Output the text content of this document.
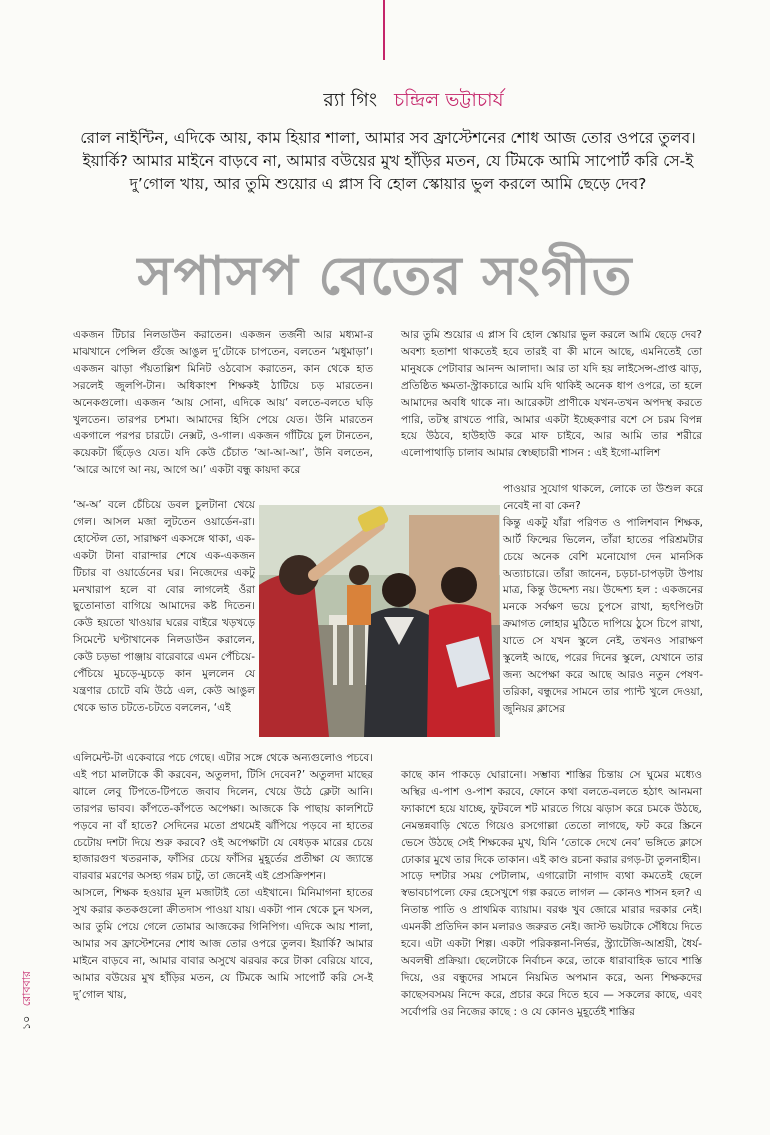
র‍্যা গিং চন্দ্রিল ভট্টাচার্য
রোল নাইন্টিন, এদিকে আয়, কাম হিয়ার শালা, আমার সব ফ্রাস্টেশনের শোধ আজ তোর ওপরে তুলব। ইয়ার্কি? আমার মাইনে বাড়বে না, আমার বউয়ের মুখ হাঁড়ির মতন, যে টিমকে আমি সাপোর্ট করি সে-ই দু’গোল খায়, আর তুমি শুয়োর এ প্লাস বি হোল স্কোয়ার ভুল করলে আমি ছেড়ে দেব?
সপাসপ বেতের সংগীত

একজন টিচার নিলডাউন করাতেন। একজন তর্জনী আর মধ্যমা-র মাঝখানে পেন্সিল গুঁজে আঙুল দু’টোকে চাপতেন, বলতেন ‘মধুমাড়া’। একজন ঝাড়া পঁয়তাল্লিশ মিনিট ওঠবোস করাতেন, কান থেকে হাত সরলেই জুলপি-টান। অধিকাংশ শিক্ষকই ঠাটিয়ে চড় মারতেন। অনেকগুলো। একজন ‘আয় সোনা, এদিকে আয়’ বলতে-বলতে ঘড়ি খুলতেন। তারপর চশমা। আমাদের হিসি পেয়ে যেত। উনি মারতেন একগালে পরপর চারটে। নেক্সট, ও-গাল। একজন গাঁটিয়ে চুল টানতেন, কয়েকটা ছিঁড়েও যেত। যদি কেউ চেঁচাত ‘আ-আ-আ’, উনি বলতেন, ‘আরে আগে আ নয়, আগে অ।’ একটা বন্ধু কায়দা করে

‘অ-অ’ বলে চেঁচিয়ে ডবল চুলটানা খেয়ে গেল। আসল মজা লুটতেন ওয়ার্ডেন-রা। হোস্টেল তো, সারাক্ষণ একসঙ্গে থাকা, এক-একটা টানা বারান্দার শেষে এক-একজন টিচার বা ওয়ার্ডেনের ঘর। নিজেদের একটু মনখারাপ হলে বা বোর লাগলেই ওঁরা ছুতোনাতা বাগিয়ে আমাদের কষ্ট দিতেন। কেউ হয়তো খাওয়ার ঘরের বাইরে খড়খড়ে সিমেন্টে ঘণ্টাখানেক নিলডাউন করালেন, কেউ চড়ভা পাঞ্জায় বারেবারে এমন পেঁচিয়ে-পেঁচিয়ে মুচড়ে-মুচড়ে কান মুললেন যে যন্ত্রণার চোটে বমি উঠে এল, কেউ আঙুল থেকে ভাত চটতে-চটতে বললেন, ‘এই

এলিমেন্ট-টা একেবারে পচে গেছে। এটার সঙ্গে থেকে অন্যগুলোও পচবে। এই পচা মালটাকে কী করবেন, অতুলদা, টিসি দেবেন?’ অতুলদা মাছের ঝালে লেবু টিপতে-টিপতে জবাব দিলেন, খেয়ে উঠে ক্লেটা আনি। তারপর ভাবব। কাঁপতে-কাঁপতে অপেক্ষা। আজকে কি পাছায় কালশিটে পড়বে না বাঁ হাতে? সেদিনের মতো প্রথমেই ঝাঁপিয়ে পড়বে না হাতের চেটোয় দশটা দিয়ে শুরু করবে? ওই অপেক্ষাটা যে বেধড়ক মারের চেয়ে হাজারগুণ খতরনাক, ফাঁসির চেয়ে ফাঁসির মুহূর্তের প্রতীক্ষা যে জ্যান্তে বারবার মরণের অসহ্য গরম চাটু, তা জেনেই এই প্রেসক্রিপশন।
আসলে, শিক্ষক হওয়ার মূল মজাটাই তো এইখানে। মিনিমাগনা হাতের সুখ করার কতকগুলো ক্রীতদাস পাওয়া যায়। একটা পান থেকে চুন খসল, আর তুমি পেয়ে গেলে তোমার আজকের গিনিপিগ। এদিকে আয় শালা, আমার সব ফ্রাস্টেশনের শোধ আজ তোর ওপরে তুলব। ইয়ার্কি? আমার মাইনে বাড়বে না, আমার বাবার অসুখে ঝরঝর করে টাকা বেরিয়ে যাবে, আমার বউয়ের মুখ হাঁড়ির মতন, যে টিমকে আমি সাপোর্ট করি সে-ই দু’গোল খায়,

আর তুমি শুয়োর এ প্লাস বি হোল স্কোয়ার ভুল করলে আমি ছেড়ে দেব? অবশ্য হতাশা থাকতেই হবে তারই বা কী মানে আছে, এমনিতেই তো মানুষকে পেটাবার আনন্দ আলাদা। আর তা যদি হয় লাইসেন্স-প্রাপ্ত ঝাড়, প্রতিষ্ঠিত ক্ষমতা-স্ট্রাকচারে আমি যদি থাকিই অনেক ধাপ ওপরে, তা হলে আমাদের অবধি থাকে না। আরেকটা প্রাণীকে যখন-তখন অপদস্থ করতে পারি, তটস্থ রাখতে পারি, আমার একটা ইচ্ছেকণার বশে সে চরম বিপন্ন হয়ে উঠবে, হাউহাউ করে মাফ চাইবে, আর আমি তার শরীরে এলোপাথাড়ি চালাব আমার স্বেচ্ছাচারী শাসন : এই ইগো-মালিশ

পাওয়ার সুযোগ থাকলে, লোকে তা উশুল করে নেবেই না বা কেন?
কিন্তু একটু যাঁরা পরিণত ও পালিশবান শিক্ষক, আর্ট ফিল্মের ভিলেন, তাঁরা হাতের পরিশ্রমটার চেয়ে অনেক বেশি মনোযোগ দেন মানসিক অত্যাচারে। তাঁরা জানেন, চড়চা-চাপড়টা উপায় মাত্র, কিন্তু উদ্দেশ্য নয়। উদ্দেশ্য হল : একজনের মনকে সর্বক্ষণ ভয়ে চুপসে রাখা, হৃৎপিণ্ডটা ক্রমাগত লোহার মুঠিতে দাপিয়ে ঠুসে চিপে রাখা, যাতে সে যখন স্কুলে নেই, তখনও সারাক্ষণ স্কুলেই আছে, পরের দিনের স্কুলে, যেখানে তার জন্য অপেক্ষা করে আছে আরও নতুন পেষণ-তরিকা, বন্ধুদের সামনে তার প্যান্ট খুলে দেওয়া, জুনিয়র ক্লাসের

কাছে কান পাকড়ে ঘোরানো। সম্ভাব্য শাস্তির চিন্তায় সে ঘুমের মধ্যেও অস্থির এ-পাশ ও-পাশ করবে, ফোনে কথা বলতে-বলতে হঠাৎ আনমনা ফ্যাকাশে হয়ে যাচ্ছে, ফুটবলে শট মারতে গিয়ে ঝড়াস করে চমকে উঠছে, নেমন্তন্নবাড়ি খেতে গিয়েও রসগোল্লা তেতো লাগছে, ফট করে স্ক্রিনে ভেসে উঠছে সেই শিক্ষকের মুখ, যিনি ‘তোকে দেখে নেব’ ভঙ্গিতে ক্লাসে ঢোকার মুখে তার দিকে তাকান। এই কাণ্ড রচনা করার রগড়-টা তুলনাহীন।
সাড়ে দশটার সময় পেটালাম, এগারোটা নাগাদ ব্যথা কমতেই ছেলে স্বভাবচাপল্যে ফের হেসেখুশে গল্প করতে লাগল — কোনও শাসন হল? এ নিতান্ত পাতি ও প্রাথমিক ব্যায়াম। বরঞ্চ খুব জোরে মারার দরকার নেই। এমনকী প্রতিদিন কান মলারও জরুরত নেই। জাস্ট ভয়টাকে সেঁধিয়ে দিতে হবে। এটা একটা শিল্প। একটা পরিকল্পনা-নির্ভর, স্ট্র্যাটেজি-আশ্রয়ী, ধৈর্য-অবলম্বী প্রক্রিয়া। ছেলেটাকে নির্বাচন করে, তাকে ধারাবাহিক ভাবে শাস্তি দিয়ে, ওর বন্ধুদের সামনে নিয়মিত অপমান করে, অন্য শিক্ষকদের কাছেসবসময় নিন্দে করে, প্রচার করে দিতে হবে — সকলের কাছে, এবং সর্বোপরি ওর নিজের কাছে : ও যে কোনও মুহূর্তেই শাস্তির

১০ রোববার
